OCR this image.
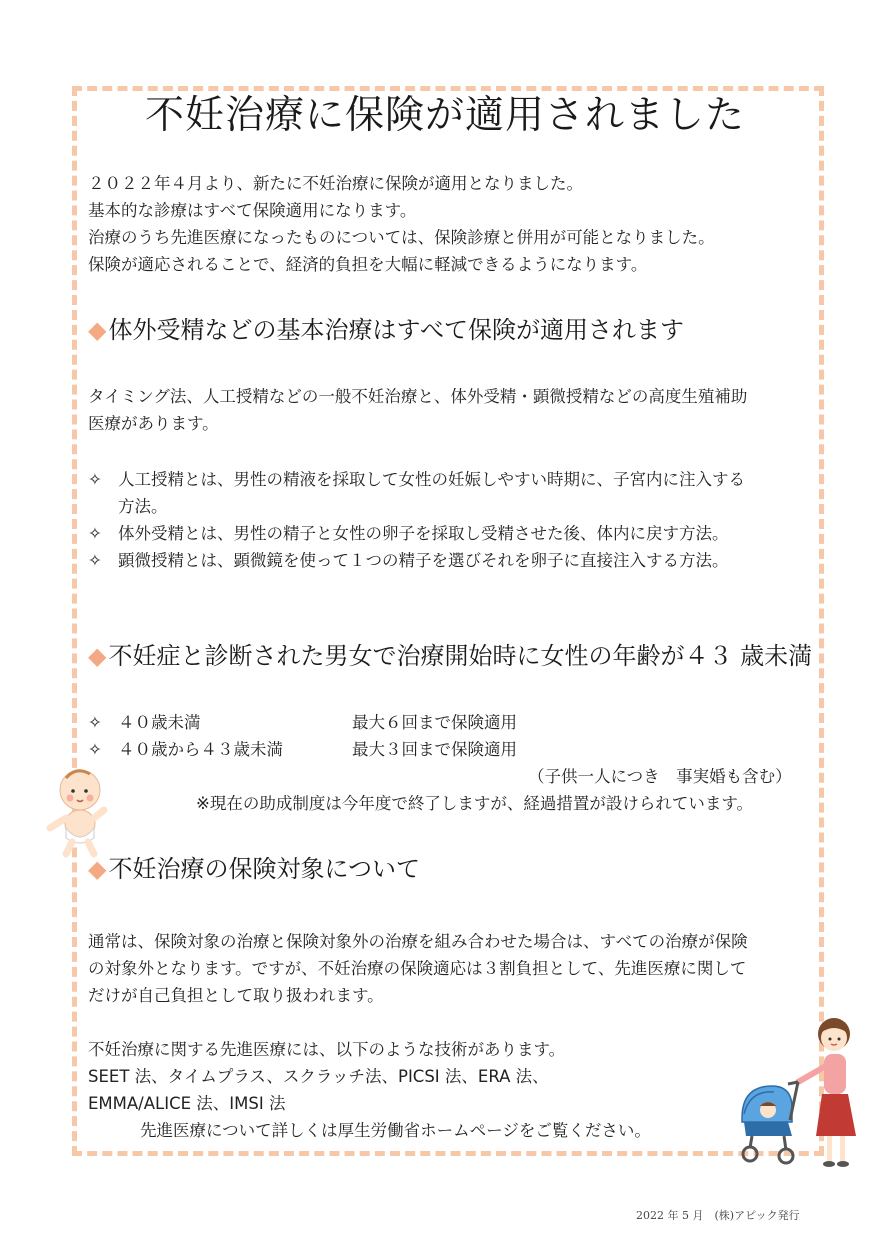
不妊治療に保険が適用されました
２０２２年４月より、新たに不妊治療に保険が適用となりました。
基本的な診療はすべて保険適用になります。
治療のうち先進医療になったものについては、保険診療と併用が可能となりました。
保険が適応されることで、経済的負担を大幅に軽減できるようになります。
◆体外受精などの基本治療はすべて保険が適用されます
タイミング法、人工授精などの一般不妊治療と、体外受精・顕微授精などの高度生殖補助
医療があります。
✧ 人工授精とは、男性の精液を採取して女性の妊娠しやすい時期に、子宮内に注入する
方法。
✧ 体外受精とは、男性の精子と女性の卵子を採取し受精させた後、体内に戻す方法。
✧ 顕微授精とは、顕微鏡を使って１つの精子を選びそれを卵子に直接注入する方法。
◆不妊症と診断された男女で治療開始時に女性の年齢が４３ 歳未満
✧ ４０歳未満	最大６回まで保険適用
✧ ４０歳から４３歳未満	最大３回まで保険適用
（子供一人につき　事実婚も含む）
※現在の助成制度は今年度で終了しますが、経過措置が設けられています。
◆不妊治療の保険対象について
通常は、保険対象の治療と保険対象外の治療を組み合わせた場合は、すべての治療が保険
の対象外となります。ですが、不妊治療の保険適応は３割負担として、先進医療に関して
だけが自己負担として取り扱われます。
不妊治療に関する先進医療には、以下のような技術があります。
SEET 法、タイムプラス、スクラッチ法、PICSI 法、ERA 法、
EMMA/ALICE 法、IMSI 法
先進医療について詳しくは厚生労働省ホームページをご覧ください。
2022 年 5 月　(株)アピック発行
